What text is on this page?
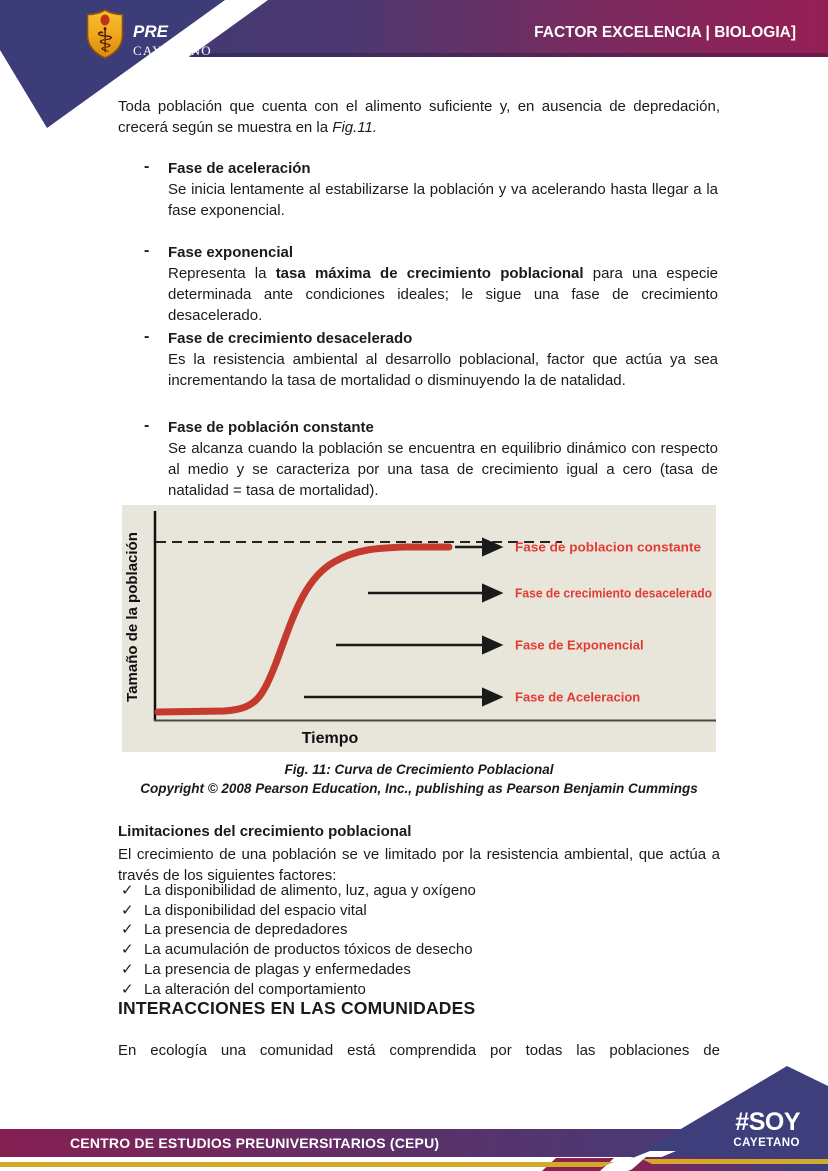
⚕ PRE
CAYETANO
FACTOR EXCELENCIA | BIOLOGIA]

Toda población que cuenta con el alimento suficiente y, en ausencia de depredación, crecerá según se muestra en la Fig.11.

- Fase de aceleración
Se inicia lentamente al estabilizarse la población y va acelerando hasta llegar a la fase exponencial.
- Fase exponencial
Representa la tasa máxima de crecimiento poblacional para una especie determinada ante condiciones ideales; le sigue una fase de crecimiento desacelerado.
- Fase de crecimiento desacelerado
Es la resistencia ambiental al desarrollo poblacional, factor que actúa ya sea incrementando la tasa de mortalidad o disminuyendo la de natalidad.
- Fase de población constante
Se alcanza cuando la población se encuentra en equilibrio dinámico con respecto al medio y se caracteriza por una tasa de crecimiento igual a cero (tasa de natalidad = tasa de mortalidad).
Fase de poblacion constante
Fase de crecimiento desacelerado
Fase de Exponencial
Fase de Aceleracion
Tamaño de la población
Tiempo
Fig. 11: Curva de Crecimiento Poblacional
Copyright © 2008 Pearson Education, Inc., publishing as Pearson Benjamin Cummings
Limitaciones del crecimiento poblacional

El crecimiento de una población se ve limitado por la resistencia ambiental, que actúa a través de los siguientes factores:

✓ La disponibilidad de alimento, luz, agua y oxígeno
✓ La disponibilidad del espacio vital
✓ La presencia de depredadores
✓ La acumulación de productos tóxicos de desecho
✓ La presencia de plagas y enfermedades
✓ La alteración del comportamiento
INTERACCIONES EN LAS COMUNIDADES

En ecología una comunidad está comprendida por todas las poblaciones de

CENTRO DE ESTUDIOS PREUNIVERSITARIOS (CEPU)
#SOY
CAYETANO
